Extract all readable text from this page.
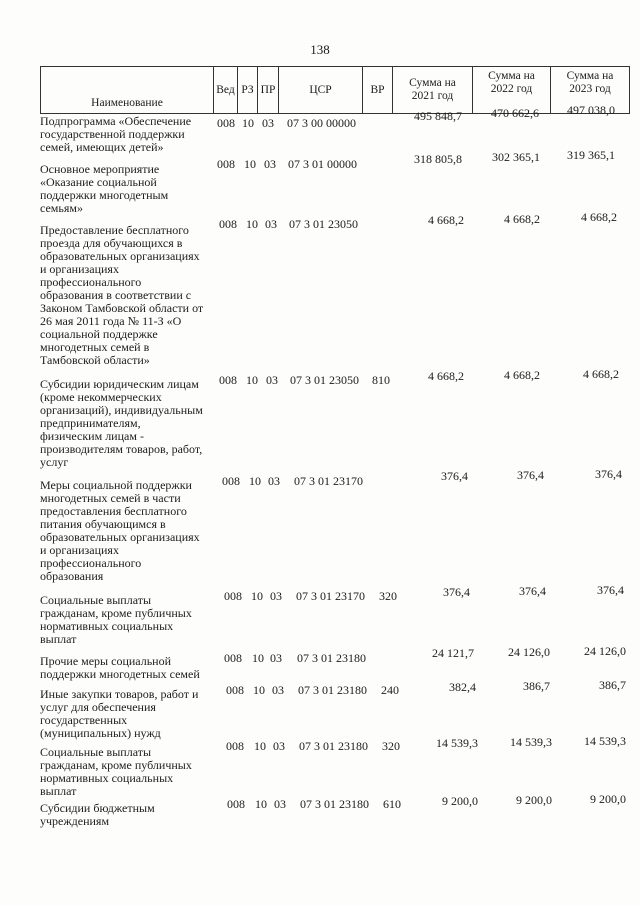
138
Наименование
Вед РЗ ПР	ЦСР	ВР
Сумма на
2021 год
Сумма на
2022 год
Сумма на
2023 год
Подпрограмма «Обеспечение
государственной поддержки
семей, имеющих детей»
008 10 03 07 3 00 00000	495 848,7	470 662,6	497 038,0
Основное мероприятие
«Оказание социальной
поддержки многодетным
семьям»
008 10 03 07 3 01 00000	318 805,8	302 365,1	319 365,1
Предоставление бесплатного
проезда для обучающихся в
образовательных организациях
и организациях
профессионального
образования в соответствии с
Законом Тамбовской области от
26 мая 2011 года № 11-З «О
социальной поддержке
многодетных семей в
Тамбовской области»
008 10 03 07 3 01 23050	4 668,2	4 668,2	4 668,2
Субсидии юридическим лицам
(кроме некоммерческих
организаций), индивидуальным
предпринимателям,
физическим лицам -
производителям товаров, работ,
услуг
008 10 03 07 3 01 23050 810	4 668,2	4 668,2	4 668,2
Меры социальной поддержки
многодетных семей в части
предоставления бесплатного
питания обучающимся в
образовательных организациях
и организациях
профессионального
образования
008 10 03 07 3 01 23170	376,4	376,4	376,4
Социальные выплаты
гражданам, кроме публичных
нормативных социальных
выплат
008 10 03 07 3 01 23170 320	376,4	376,4	376,4
Прочие меры социальной
поддержки многодетных семей
008 10 03 07 3 01 23180	24 121,7	24 126,0	24 126,0
Иные закупки товаров, работ и
услуг для обеспечения
государственных
(муниципальных) нужд
008 10 03 07 3 01 23180 240	382,4	386,7	386,7
Социальные выплаты
гражданам, кроме публичных
нормативных социальных
выплат
008 10 03 07 3 01 23180 320	14 539,3	14 539,3	14 539,3
Субсидии бюджетным
учреждениям
008 10 03 07 3 01 23180 610	9 200,0	9 200,0	9 200,0
